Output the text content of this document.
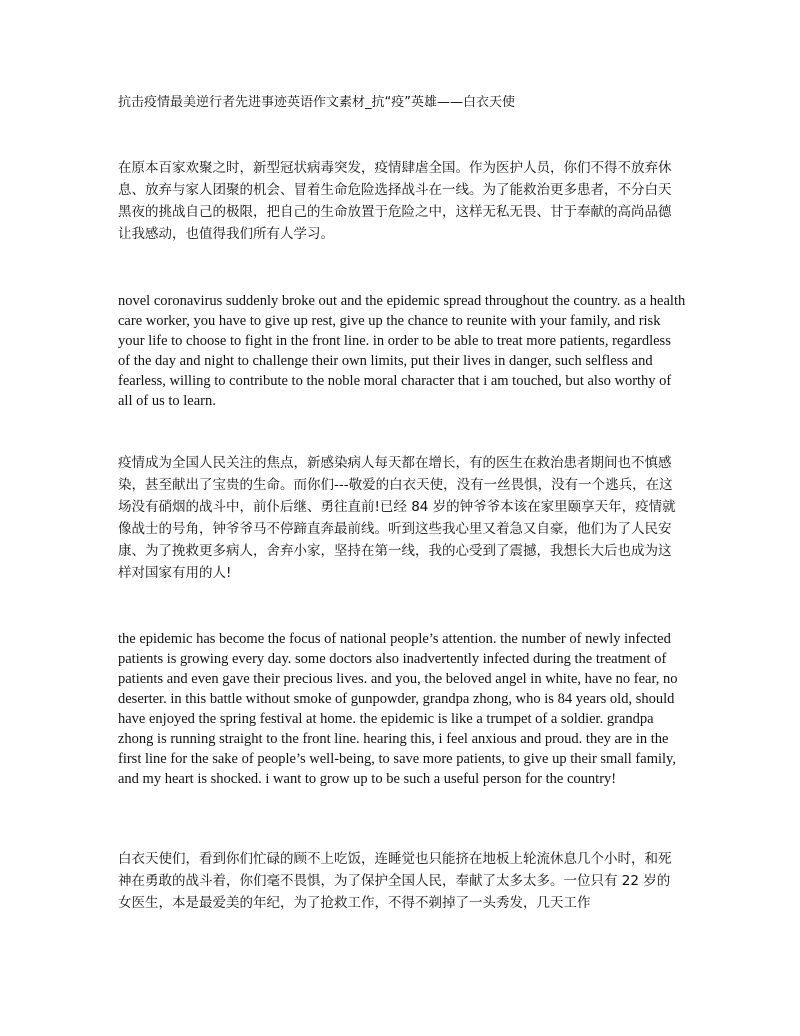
抗击疫情最美逆行者先进事迹英语作文素材_抗“疫”英雄——白衣天使

在原本百家欢聚之时，新型冠状病毒突发，疫情肆虐全国。作为医护人员，你们不得不放弃休息、放弃与家人团聚的机会、冒着生命危险选择战斗在一线。为了能救治更多患者，不分白天黑夜的挑战自己的极限，把自己的生命放置于危险之中，这样无私无畏、甘于奉献的高尚品德让我感动，也值得我们所有人学习。

novel coronavirus suddenly broke out and the epidemic spread throughout the country. as a health care worker, you have to give up rest, give up the chance to reunite with your family, and risk your life to choose to fight in the front line. in order to be able to treat more patients, regardless of the day and night to challenge their own limits, put their lives in danger, such selfless and fearless, willing to contribute to the noble moral character that i am touched, but also worthy of all of us to learn.

疫情成为全国人民关注的焦点，新感染病人每天都在增长，有的医生在救治患者期间也不慎感染，甚至献出了宝贵的生命。而你们---敬爱的白衣天使，没有一丝畏惧，没有一个逃兵，在这场没有硝烟的战斗中，前仆后继、勇往直前!已经 84 岁的钟爷爷本该在家里颐享天年，疫情就像战士的号角，钟爷爷马不停蹄直奔最前线。听到这些我心里又着急又自豪，他们为了人民安康、为了挽救更多病人，舍弃小家，坚持在第一线，我的心受到了震撼，我想长大后也成为这样对国家有用的人!

the epidemic has become the focus of national people’s attention. the number of newly infected patients is growing every day. some doctors also inadvertently infected during the treatment of patients and even gave their precious lives. and you, the beloved angel in white, have no fear, no deserter. in this battle without smoke of gunpowder, grandpa zhong, who is 84 years old, should have enjoyed the spring festival at home. the epidemic is like a trumpet of a soldier. grandpa zhong is running straight to the front line. hearing this, i feel anxious and proud. they are in the first line for the sake of people’s well-being, to save more patients, to give up their small family, and my heart is shocked. i want to grow up to be such a useful person for the country!

白衣天使们，看到你们忙碌的顾不上吃饭，连睡觉也只能挤在地板上轮流休息几个小时，和死神在勇敢的战斗着，你们毫不畏惧，为了保护全国人民，奉献了太多太多。一位只有 22 岁的女医生，本是最爱美的年纪，为了抢救工作，不得不剃掉了一头秀发，几天工作
